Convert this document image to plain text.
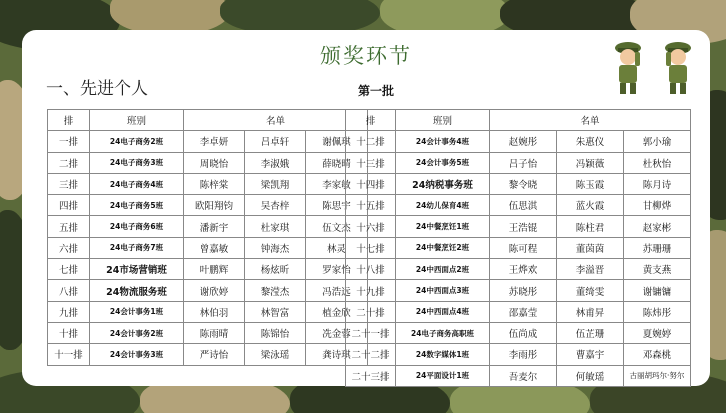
颁奖环节
一、先进个人	第一批
排	班别	名单		
一排	24电子商务2班	李卓妍	吕卓轩	谢佩琪
二排	24电子商务3班	周晓怡	李淑娥	薛晓晴
三排	24电子商务4班	陈梓棠	梁凯翔	李家敏
四排	24电子商务5班	欧阳翔钧	吴杏梓	陈思宇
五排	24电子商务6班	潘新宇	杜家琪	伍文杰
六排	24电子商务7班	曾嘉敏	钟海杰	林灵
七排	24市场营销班	叶鹏辉	杨炫昕	罗家怡
八排	24物流服务班	谢欣婷	黎滢杰	冯浩远
九排	24会计事务1班	林伯羽	林智富	植金欣
十排	24会计事务2班	陈雨晴	陈锦怡	冼金蓉
十一排	24会计事务3班	严诗怡	梁泳瑶	龚诗琪
排	班别	名单		
十二排	24会计事务4班	赵婉彤	朱惠仪	郭小瑜
十三排	24会计事务5班	吕子怡	冯颖薇	杜秋怡
十四排	24纳税事务班	黎令晓	陈玉霞	陈月诗
十五排	24幼儿保育4班	伍思淇	蓝火霞	甘柳烨
十六排	24中餐烹饪1班	王浩锟	陈柱君	赵家彬
十七排	24中餐烹饪2班	陈可程	董茵茵	苏珊珊
十八排	24中西面点2班	王烨欢	李溢晋	黄支燕
十九排	24中西面点3班	苏晓彤	董绮雯	谢镛镛
二十排	24中西面点4班	邵嘉莹	林甫昇	陈炜彤
二十一排	24电子商务高职班	伍尚成	伍芷珊	夏婉婷
二十二排	24数字媒体1班	李雨彤	曹嘉宇	邓森桃
二十三排	24平面设计1班	吾麦尔	何敏瑶	古丽胡玛尔·努尔
